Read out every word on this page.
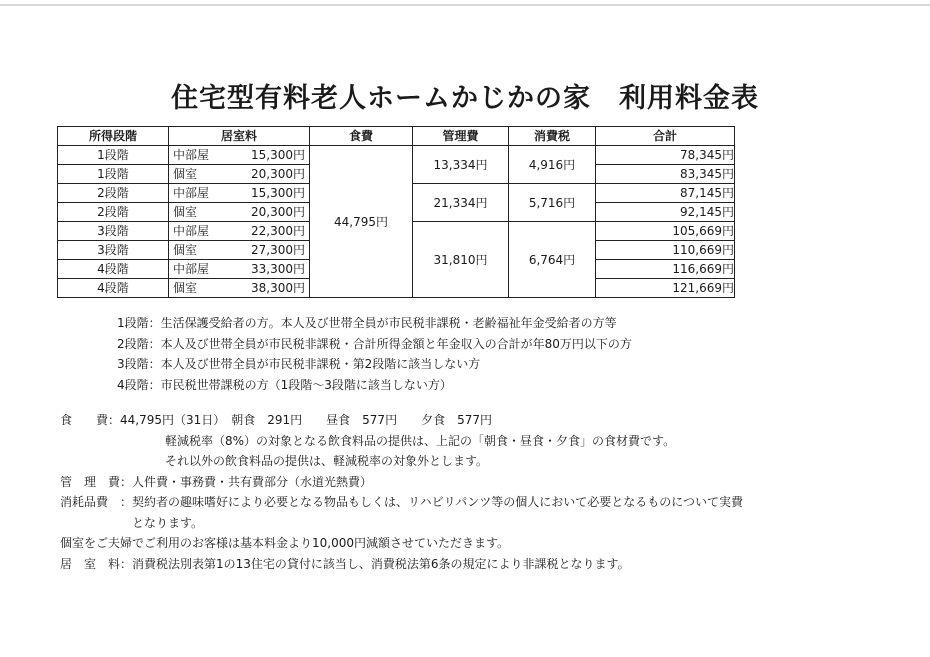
住宅型有料老人ホームかじかの家　利用料金表
所得段階	居室料	食費	管理費	消費税	合計
1段階	中部屋 15,300円	44,795円	13,334円	4,916円	78,345円
1段階	個室 20,300円				83,345円
2段階	中部屋 15,300円		21,334円	5,716円	87,145円
2段階	個室 20,300円				92,145円
3段階	中部屋 22,300円		31,810円	6,764円	105,669円
3段階	個室 27,300円				110,669円
4段階	中部屋 33,300円				116,669円
4段階	個室 38,300円				121,669円
1段階：生活保護受給者の方。本人及び世帯全員が市民税非課税・老齢福祉年金受給者の方等
2段階：本人及び世帯全員が市民税非課税・合計所得金額と年金収入の合計が年80万円以下の方
3段階：本人及び世帯全員が市民税非課税・第2段階に該当しない方
4段階：市民税世帯課税の方（1段階～3段階に該当しない方）
食　　費：44,795円（31日）　朝食　291円　　昼食　577円　　夕食　577円
軽減税率（8%）の対象となる飲食料品の提供は、上記の「朝食・昼食・夕食」の食材費です。
それ以外の飲食料品の提供は、軽減税率の対象外とします。
管　理　費：人件費・事務費・共有費部分（水道光熱費）
消耗品費　：契約者の趣味嗜好により必要となる物品もしくは、リハビリパンツ等の個人において必要となるものについて実費
となります。
個室をご夫婦でご利用のお客様は基本料金より10,000円減額させていただきます。
居　室　料：消費税法別表第1の13住宅の貸付に該当し、消費税法第6条の規定により非課税となります。
